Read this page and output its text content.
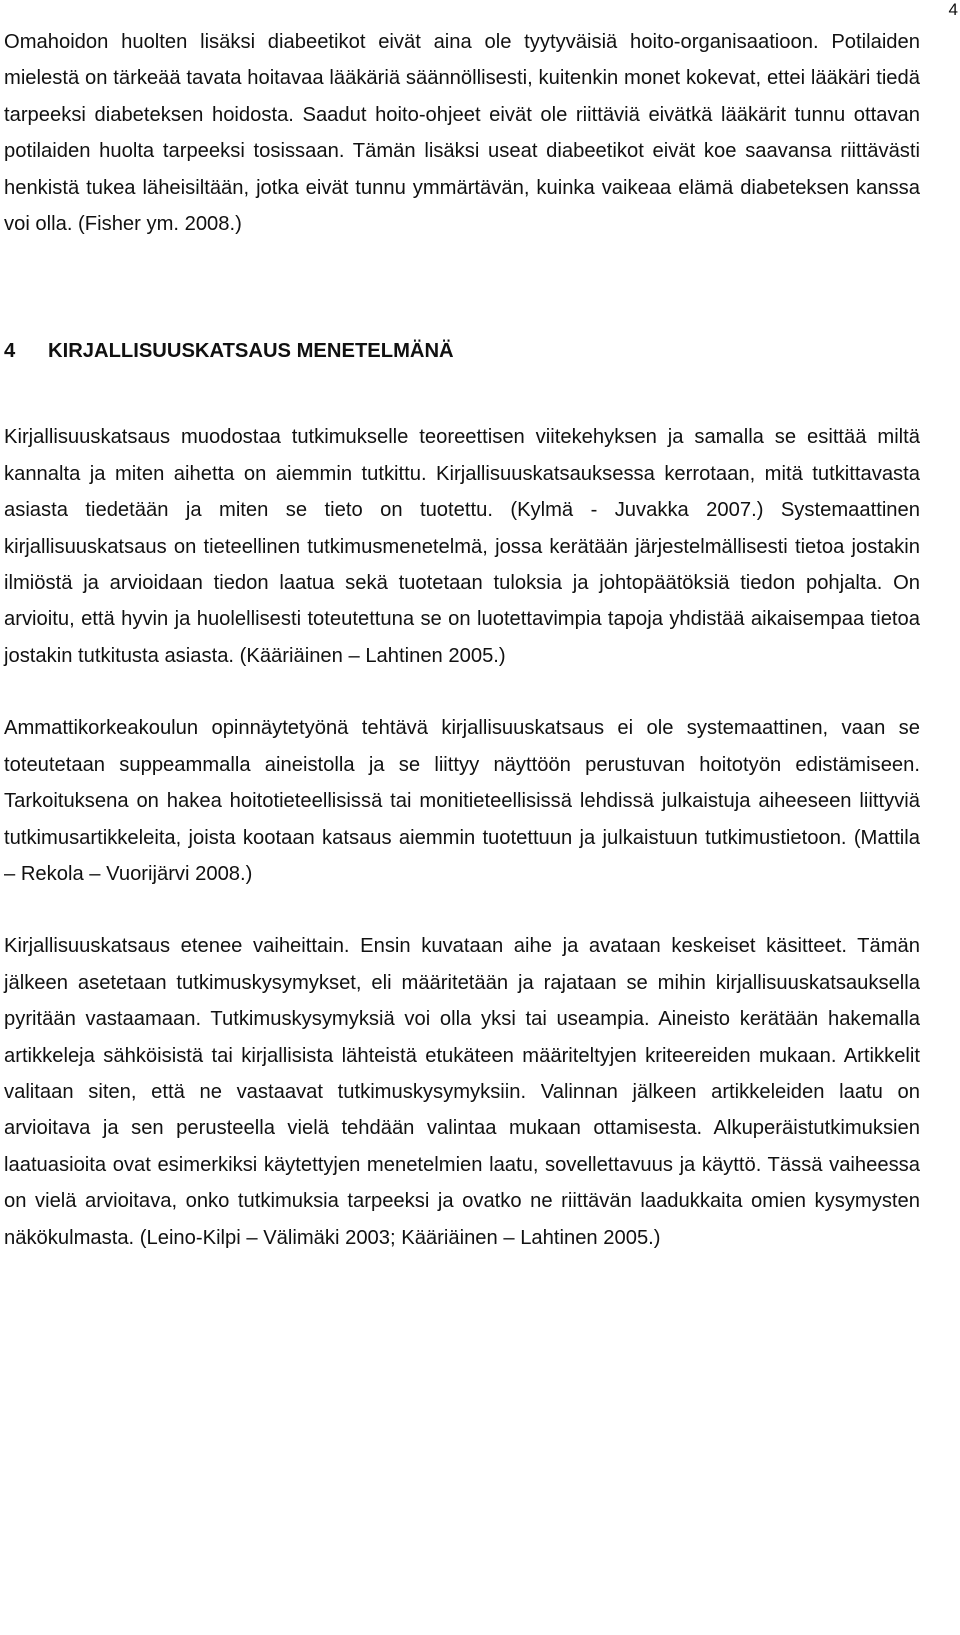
4

Omahoidon huolten lisäksi diabeetikot eivät aina ole tyytyväisiä hoito-organisaatioon. Potilaiden mielestä on tärkeää tavata hoitavaa lääkäriä säännöllisesti, kuitenkin monet kokevat, ettei lääkäri tiedä tarpeeksi diabeteksen hoidosta. Saadut hoito-ohjeet eivät ole riittäviä eivätkä lääkärit tunnu ottavan potilaiden huolta tarpeeksi tosissaan. Tämän lisäksi useat diabeetikot eivät koe saavansa riittävästi henkistä tukea läheisiltään, jotka eivät tunnu ymmärtävän, kuinka vaikeaa elämä diabeteksen kanssa voi olla. (Fisher ym. 2008.)

4 KIRJALLISUUSKATSAUS MENETELMÄNÄ

Kirjallisuuskatsaus muodostaa tutkimukselle teoreettisen viitekehyksen ja samalla se esittää miltä kannalta ja miten aihetta on aiemmin tutkittu. Kirjallisuuskatsauksessa kerrotaan, mitä tutkittavasta asiasta tiedetään ja miten se tieto on tuotettu. (Kylmä - Juvakka 2007.) Systemaattinen kirjallisuuskatsaus on tieteellinen tutkimusmenetelmä, jossa kerätään järjestelmällisesti tietoa jostakin ilmiöstä ja arvioidaan tiedon laatua sekä tuotetaan tuloksia ja johtopäätöksiä tiedon pohjalta. On arvioitu, että hyvin ja huolellisesti toteutettuna se on luotettavimpia tapoja yhdistää aikaisempaa tietoa jostakin tutkitusta asiasta. (Kääriäinen – Lahtinen 2005.)

Ammattikorkeakoulun opinnäytetyönä tehtävä kirjallisuuskatsaus ei ole systemaattinen, vaan se toteutetaan suppeammalla aineistolla ja se liittyy näyttöön perustuvan hoitotyön edistämiseen. Tarkoituksena on hakea hoitotieteellisissä tai monitieteellisissä lehdissä julkaistuja aiheeseen liittyviä tutkimusartikkeleita, joista kootaan katsaus aiemmin tuotettuun ja julkaistuun tutkimustietoon. (Mattila – Rekola – Vuorijärvi 2008.)

Kirjallisuuskatsaus etenee vaiheittain. Ensin kuvataan aihe ja avataan keskeiset käsitteet. Tämän jälkeen asetetaan tutkimuskysymykset, eli määritetään ja rajataan se mihin kirjallisuuskatsauksella pyritään vastaamaan. Tutkimuskysymyksiä voi olla yksi tai useampia. Aineisto kerätään hakemalla artikkeleja sähköisistä tai kirjallisista lähteistä etukäteen määriteltyjen kriteereiden mukaan. Artikkelit valitaan siten, että ne vastaavat tutkimuskysymyksiin. Valinnan jälkeen artikkeleiden laatu on arvioitava ja sen perusteella vielä tehdään valintaa mukaan ottamisesta. Alkuperäistutkimuksien laatuasioita ovat esimerkiksi käytettyjen menetelmien laatu, sovellettavuus ja käyttö. Tässä vaiheessa on vielä arvioitava, onko tutkimuksia tarpeeksi ja ovatko ne riittävän laadukkaita omien kysymysten näkökulmasta. (Leino-Kilpi – Välimäki 2003; Kääriäinen – Lahtinen 2005.)
